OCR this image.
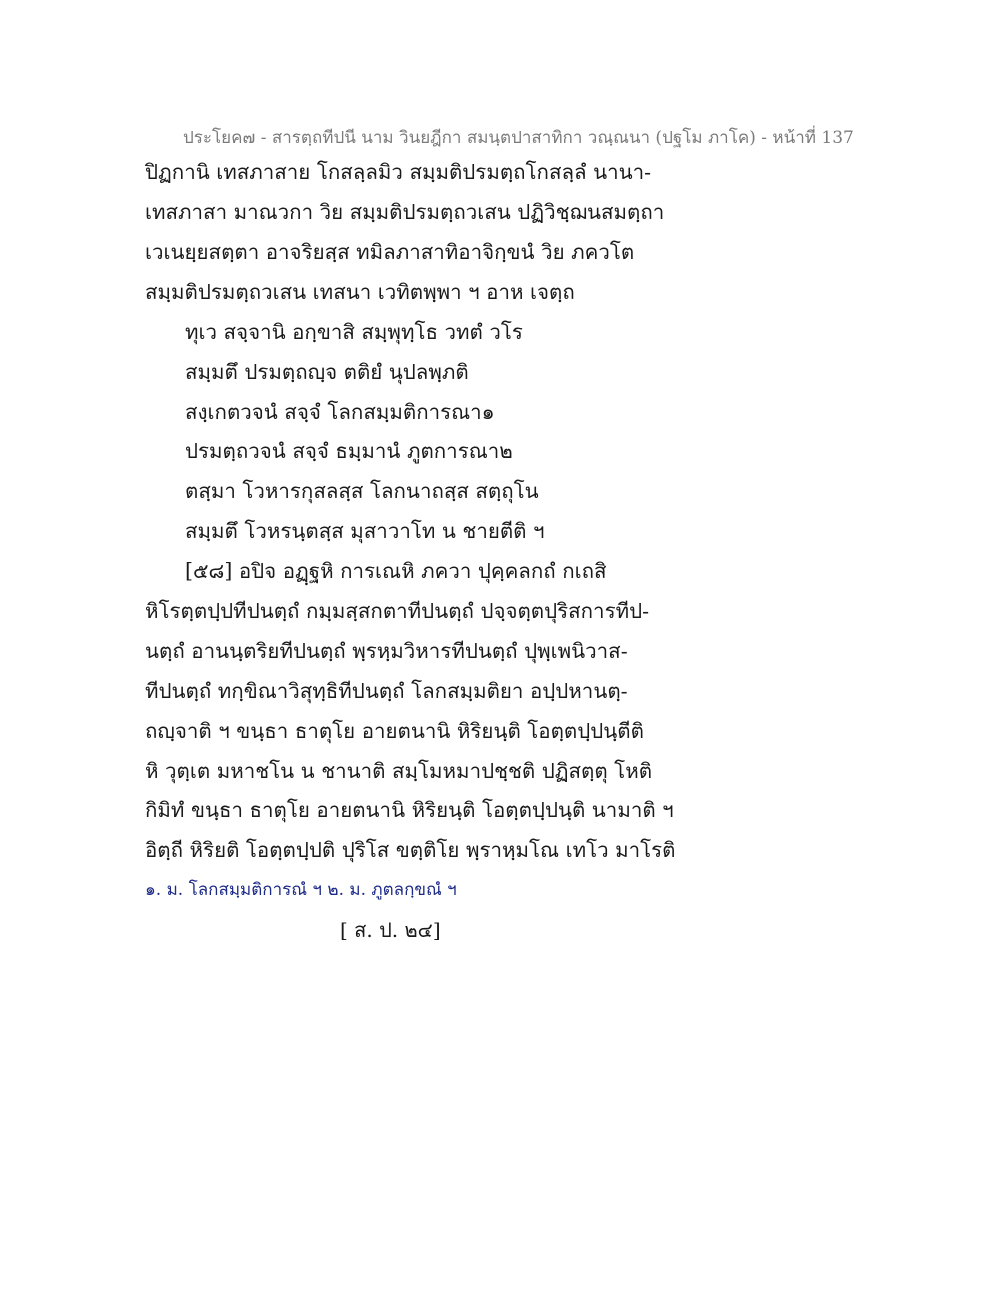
ประโยค๗ - สารตฺถทีปนี นาม วินยฎีกา สมนฺตปาสาทิกา วณฺณนา (ปฐโม ภาโค) - หน้าที่ 137
ปิฏกานิ เทสภาสาย โกสลฺลมิว สมฺมติปรมตฺถโกสลฺลํ นานา-
เทสภาสา มาณวกา วิย สมฺมติปรมตฺถวเสน ปฏิวิชฺฌนสมตฺถา
เวเนยฺยสตฺตา อาจริยสฺส ทมิลภาสาทิอาจิกฺขนํ วิย ภควโต
สมฺมติปรมตฺถวเสน เทสนา เวทิตพฺพา ฯ อาห เจตฺถ
ทุเว สจฺจานิ อกฺขาสิ สมฺพุทฺโธ วทตํ วโร
สมฺมตึ ปรมตฺถญฺจ ตติยํ นุปลพฺภติ
สงฺเกตวจนํ สจฺจํ โลกสมฺมติการณา๑
ปรมตฺถวจนํ สจฺจํ ธมฺมานํ ภูตการณา๒
ตสฺมา โวหารกุสลสฺส โลกนาถสฺส สตฺถุโน
สมฺมตึ โวหรนฺตสฺส มุสาวาโท น ชายตีติ ฯ
[๕๘] อปิจ อฏฺฐหิ การเณหิ ภควา ปุคฺคลกถํ กเถสิ
หิโรตฺตปฺปทีปนตฺถํ กมฺมสฺสกตาทีปนตฺถํ ปจฺจตฺตปุริสการทีป-
นตฺถํ อานนฺตริยทีปนตฺถํ พฺรหฺมวิหารทีปนตฺถํ ปุพฺเพนิวาส-
ทีปนตฺถํ ทกฺขิณาวิสุทฺธิทีปนตฺถํ โลกสมฺมติยา อปฺปหานตฺ-
ถญฺจาติ ฯ ขนฺธา ธาตุโย อายตนานิ หิริยนฺติ โอตฺตปฺปนฺตีติ
หิ วุตฺเต มหาชโน น ชานาติ สมฺโมหมาปชฺชติ ปฏิสตฺตุ โหติ
กิมิทํ ขนฺธา ธาตุโย อายตนานิ หิริยนฺติ โอตฺตปฺปนฺติ นามาติ ฯ
อิตฺถี หิริยติ โอตฺตปฺปติ ปุริโส ขตฺติโย พฺราหฺมโณ เทโว มาโรติ
๑. ม. โลกสมฺมติการณํ ฯ ๒. ม. ภูตลกฺขณํ ฯ
[ ส. ป. ๒๔]
